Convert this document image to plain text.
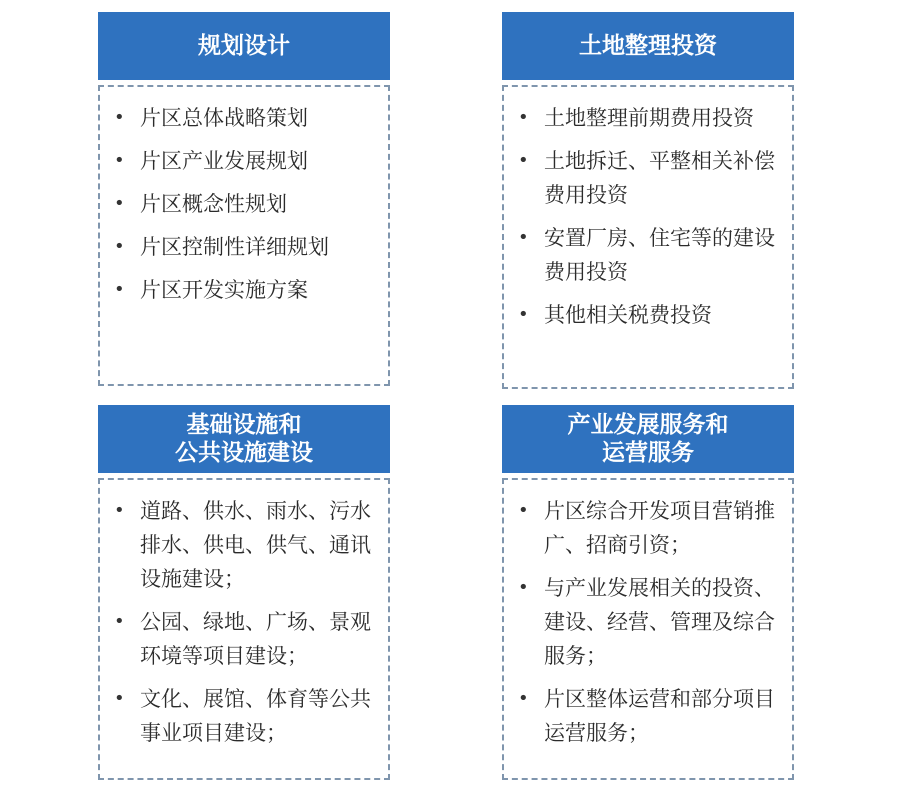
规划设计
• 片区总体战略策划
• 片区产业发展规划
• 片区概念性规划
• 片区控制性详细规划
• 片区开发实施方案
土地整理投资
• 土地整理前期费用投资
• 土地拆迁、平整相关补偿费用投资
• 安置厂房、住宅等的建设费用投资
• 其他相关税费投资
基础设施和
公共设施建设
• 道路、供水、雨水、污水排水、供电、供气、通讯设施建设；
• 公园、绿地、广场、景观环境等项目建设；
• 文化、展馆、体育等公共事业项目建设；
产业发展服务和
运营服务
• 片区综合开发项目营销推广、招商引资；
• 与产业发展相关的投资、建设、经营、管理及综合服务；
• 片区整体运营和部分项目运营服务；
